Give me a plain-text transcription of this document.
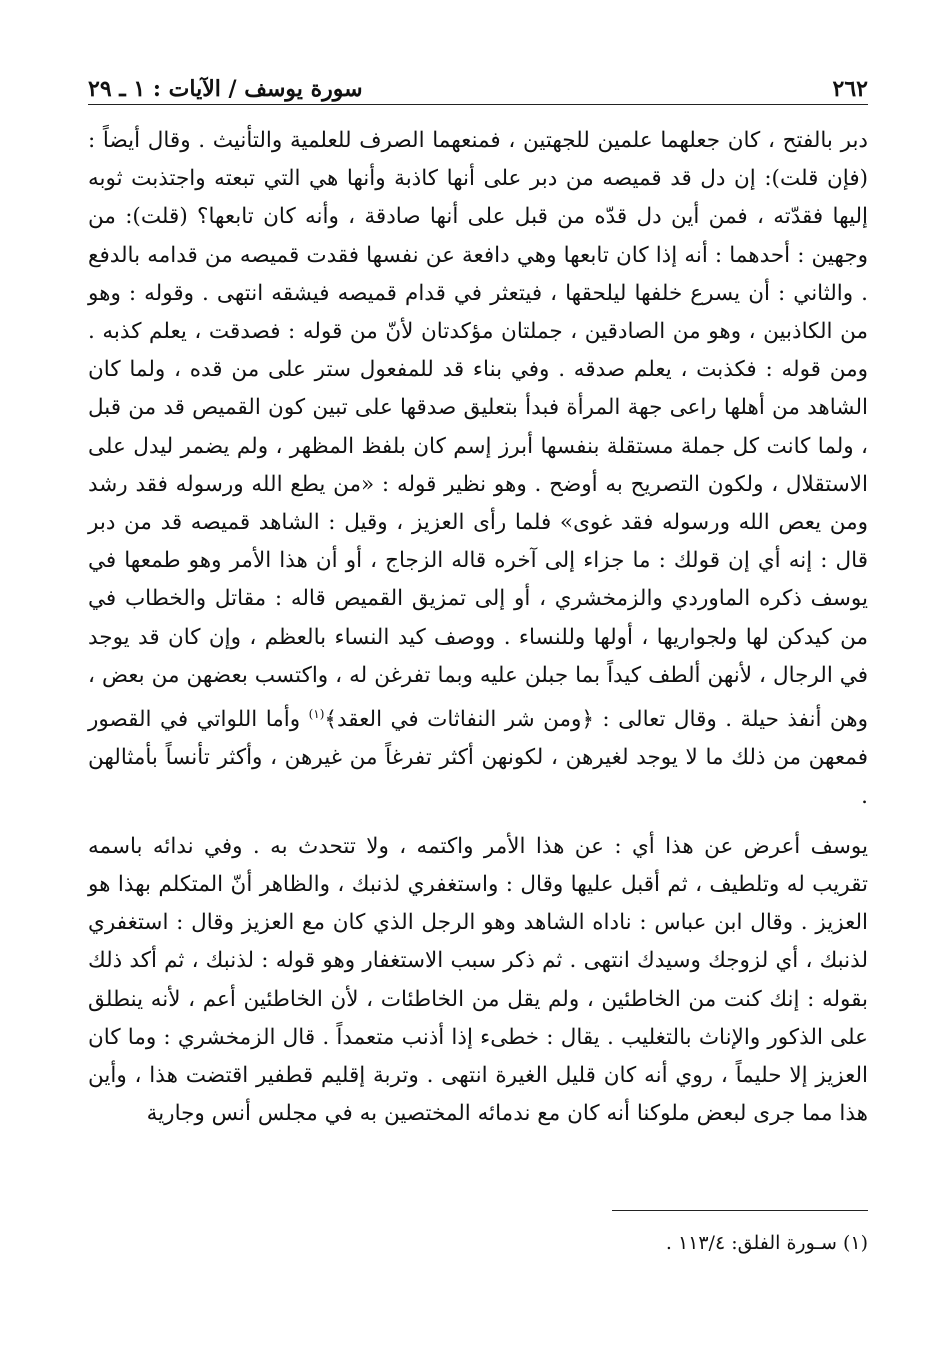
٢٦٢
سورة يوسف / الآيات : ١ ـ ٢٩

دبر بالفتح ، كان جعلهما علمين للجهتين ، فمنعهما الصرف للعلمية والتأنيث . وقال أيضاً : (فإن قلت): إن دل قد قميصه من دبر على أنها كاذبة وأنها هي التي تبعته واجتذبت ثوبه إليها فقدّته ، فمن أين دل قدّه من قبل على أنها صادقة ، وأنه كان تابعها؟ (قلت): من وجهين : أحدهما : أنه إذا كان تابعها وهي دافعة عن نفسها فقدت قميصه من قدامه بالدفع . والثاني : أن يسرع خلفها ليلحقها ، فيتعثر في قدام قميصه فيشقه انتهى . وقوله : وهو من الكاذبين ، وهو من الصادقين ، جملتان مؤكدتان لأنّ من قوله : فصدقت ، يعلم كذبه . ومن قوله : فكذبت ، يعلم صدقه . وفي بناء قد للمفعول ستر على من قده ، ولما كان الشاهد من أهلها راعى جهة المرأة فبدأ بتعليق صدقها على تبين كون القميص قد من قبل ، ولما كانت كل جملة مستقلة بنفسها أبرز إسم كان بلفظ المظهر ، ولم يضمر ليدل على الاستقلال ، ولكون التصريح به أوضح . وهو نظير قوله : «من يطع الله ورسوله فقد رشد ومن يعص الله ورسوله فقد غوى» فلما رأى العزيز ، وقيل : الشاهد قميصه قد من دبر قال : إنه أي إن قولك : ما جزاء إلى آخره قاله الزجاج ، أو أن هذا الأمر وهو طمعها في يوسف ذكره الماوردي والزمخشري ، أو إلى تمزيق القميص قاله : مقاتل والخطاب في من كيدكن لها ولجواريها ، أولها وللنساء . ووصف كيد النساء بالعظم ، وإن كان قد يوجد في الرجال ، لأنهن ألطف كيداً بما جبلن عليه وبما تفرغن له ، واكتسب بعضهن من بعض ، وهن أنفذ حيلة . وقال تعالى : ﴿ومن شر النفاثات في العقد﴾$^{(١)}$ وأما اللواتي في القصور فمعهن من ذلك ما لا يوجد لغيرهن ، لكونهن أكثر تفرغاً من غيرهن ، وأكثر تأنساً بأمثالهن .

يوسف أعرض عن هذا أي : عن هذا الأمر واكتمه ، ولا تتحدث به . وفي ندائه باسمه تقريب له وتلطيف ، ثم أقبل عليها وقال : واستغفري لذنبك ، والظاهر أنّ المتكلم بهذا هو العزيز . وقال ابن عباس : ناداه الشاهد وهو الرجل الذي كان مع العزيز وقال : استغفري لذنبك ، أي لزوجك وسيدك انتهى . ثم ذكر سبب الاستغفار وهو قوله : لذنبك ، ثم أكد ذلك بقوله : إنك كنت من الخاطئين ، ولم يقل من الخاطئات ، لأن الخاطئين أعم ، لأنه ينطلق على الذكور والإناث بالتغليب . يقال : خطىء إذا أذنب متعمداً . قال الزمخشري : وما كان العزيز إلا حليماً ، روي أنه كان قليل الغيرة انتهى . وتربة إقليم قطفير اقتضت هذا ، وأين هذا مما جرى لبعض ملوكنا أنه كان مع ندمائه المختصين به في مجلس أنس وجارية

(١) سـورة الفلق: ١١٣/٤ .
